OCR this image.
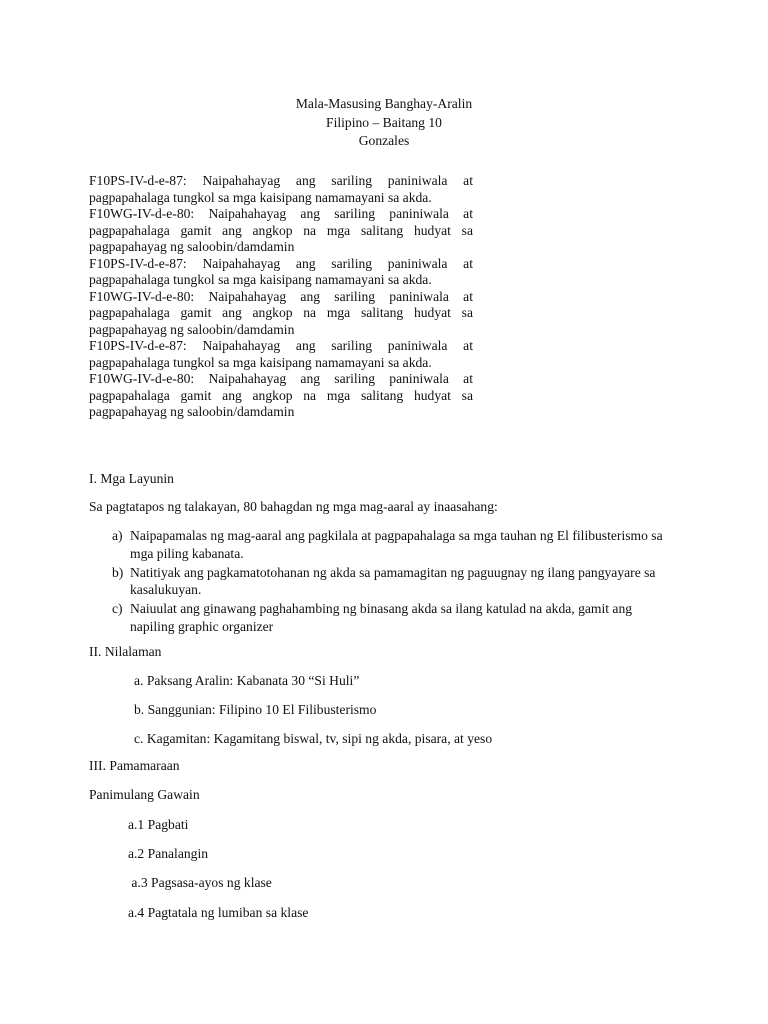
Mala-Masusing Banghay-Aralin
Filipino – Baitang 10
Gonzales
F10PS-IV-d-e-87: Naipahahayag ang sariling paniniwala at pagpapahalaga tungkol sa mga kaisipang namamayani sa akda.
F10WG-IV-d-e-80: Naipahahayag ang sariling paniniwala at pagpapahalaga gamit ang angkop na mga salitang hudyat sa pagpapahayag ng saloobin/damdamin
F10PS-IV-d-e-87: Naipahahayag ang sariling paniniwala at pagpapahalaga tungkol sa mga kaisipang namamayani sa akda.
F10WG-IV-d-e-80: Naipahahayag ang sariling paniniwala at pagpapahalaga gamit ang angkop na mga salitang hudyat sa pagpapahayag ng saloobin/damdamin
F10PS-IV-d-e-87: Naipahahayag ang sariling paniniwala at pagpapahalaga tungkol sa mga kaisipang namamayani sa akda.
F10WG-IV-d-e-80: Naipahahayag ang sariling paniniwala at pagpapahalaga gamit ang angkop na mga salitang hudyat sa pagpapahayag ng saloobin/damdamin
I. Mga Layunin
Sa pagtatapos ng talakayan, 80 bahagdan ng mga mag-aaral ay inaasahang:
a) Naipapamalas ng mag-aaral ang pagkilala at pagpapahalaga sa mga tauhan ng El filibusterismo sa mga piling kabanata.
b) Natitiyak ang pagkamatotohanan ng akda sa pamamagitan ng paguugnay ng ilang pangyayare sa kasalukuyan.
c) Naiuulat ang ginawang paghahambing ng binasang akda sa ilang katulad na akda, gamit ang napiling graphic organizer
II. Nilalaman
a. Paksang Aralin: Kabanata 30 “Si Huli”
b. Sanggunian: Filipino 10 El Filibusterismo
c. Kagamitan: Kagamitang biswal, tv, sipi ng akda, pisara, at yeso
III. Pamamaraan
Panimulang Gawain
a.1 Pagbati
a.2 Panalangin
a.3 Pagsasa-ayos ng klase
a.4 Pagtatala ng lumiban sa klase
